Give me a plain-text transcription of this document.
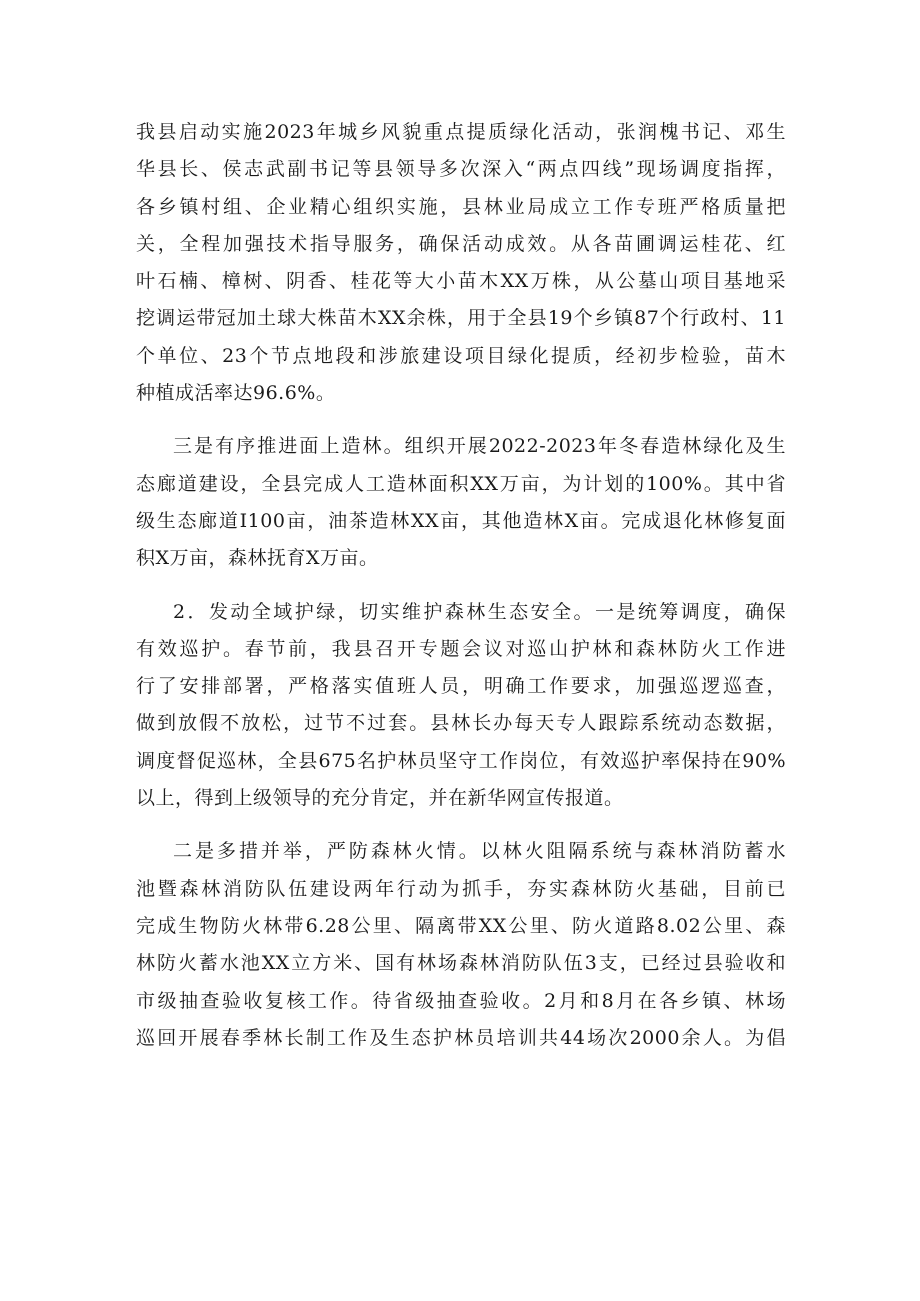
我县启动实施2023年城乡风貌重点提质绿化活动，张润槐书记、邓生
华县长、侯志武副书记等县领导多次深入“两点四线”现场调度指挥，
各乡镇村组、企业精心组织实施，县林业局成立工作专班严格质量把
关，全程加强技术指导服务，确保活动成效。从各苗圃调运桂花、红
叶石楠、樟树、阴香、桂花等大小苗木XX万株，从公墓山项目基地采
挖调运带冠加土球大株苗木XX余株，用于全县19个乡镇87个行政村、11
个单位、23个节点地段和涉旅建设项目绿化提质，经初步检验，苗木
种植成活率达96.6%。
三是有序推进面上造林。组织开展2022-2023年冬春造林绿化及生
态廊道建设，全县完成人工造林面积XX万亩，为计划的100%。其中省
级生态廊道I100亩，油茶造林XX亩，其他造林X亩。完成退化林修复面
积X万亩，森林抚育X万亩。
2．发动全域护绿，切实维护森林生态安全。一是统筹调度，确保
有效巡护。春节前，我县召开专题会议对巡山护林和森林防火工作进
行了安排部署，严格落实值班人员，明确工作要求，加强巡逻巡查，
做到放假不放松，过节不过套。县林长办每天专人跟踪系统动态数据，
调度督促巡林，全县675名护林员坚守工作岗位，有效巡护率保持在90%
以上，得到上级领导的充分肯定，并在新华网宣传报道。
二是多措并举，严防森林火情。以林火阻隔系统与森林消防蓄水
池暨森林消防队伍建设两年行动为抓手，夯实森林防火基础，目前已
完成生物防火林带6.28公里、隔离带XX公里、防火道路8.02公里、森
林防火蓄水池XX立方米、国有林场森林消防队伍3支，已经过县验收和
市级抽查验收复核工作。待省级抽查验收。2月和8月在各乡镇、林场
巡回开展春季林长制工作及生态护林员培训共44场次2000余人。为倡
